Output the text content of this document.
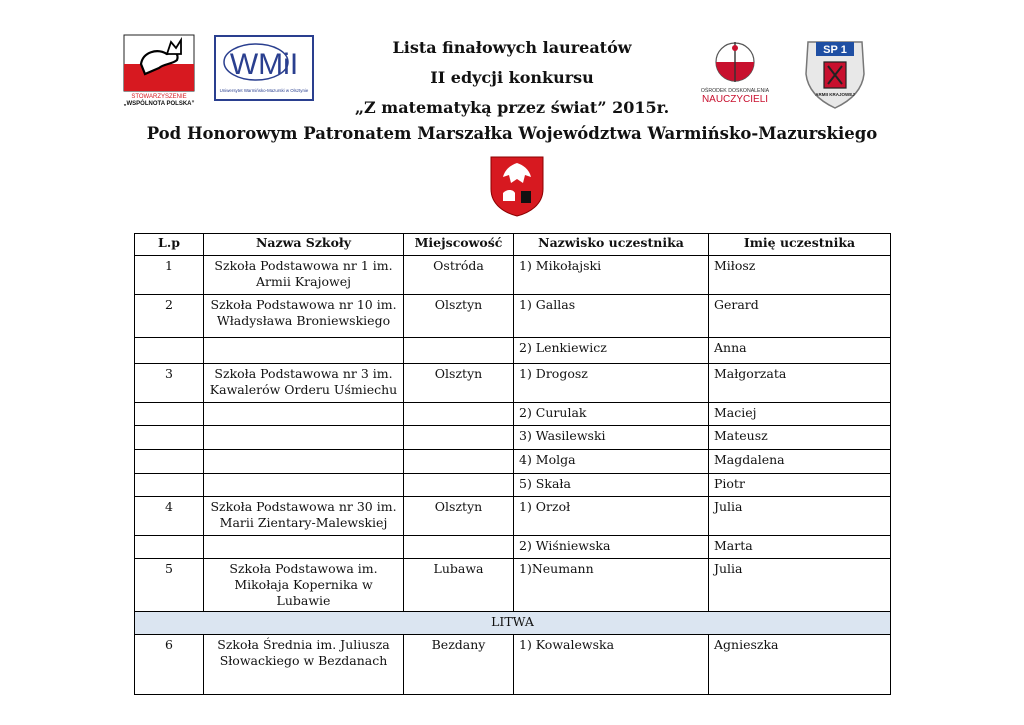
STOWARZYSZENIE
„WSPÓLNOTA POLSKA”
WMiI
Uniwersytet Warmińsko-Mazurski w Olsztynie
Lista finałowych laureatów
II edycji konkursu
„Z matematyką przez świat” 2015r.
OŚRODEK DOSKONALENIA
NAUCZYCIELI
SP 1
ARMII KRAJOWEJ
Pod Honorowym Patronatem Marszałka Województwa Warmińsko-Mazurskiego
L.p	Nazwa Szkoły	Miejscowość	Nazwisko uczestnika	Imię uczestnika
1	Szkoła Podstawowa nr 1 im. Armii Krajowej	Ostróda	1) Mikołajski	Miłosz
2	Szkoła Podstawowa nr 10 im. Władysława Broniewskiego	Olsztyn	1) Gallas	Gerard
			2) Lenkiewicz	Anna
3	Szkoła Podstawowa nr 3 im. Kawalerów Orderu Uśmiechu	Olsztyn	1) Drogosz	Małgorzata
			2) Curulak	Maciej
			3) Wasilewski	Mateusz
			4) Molga	Magdalena
			5) Skała	Piotr
4	Szkoła Podstawowa nr 30 im. Marii Zientary-Malewskiej	Olsztyn	1) Orzoł	Julia
			2) Wiśniewska	Marta
5	Szkoła Podstawowa im. Mikołaja Kopernika w Lubawie	Lubawa	1)Neumann	Julia
LITWA				
6	Szkoła Średnia im. Juliusza Słowackiego w Bezdanach	Bezdany	1) Kowalewska	Agnieszka
